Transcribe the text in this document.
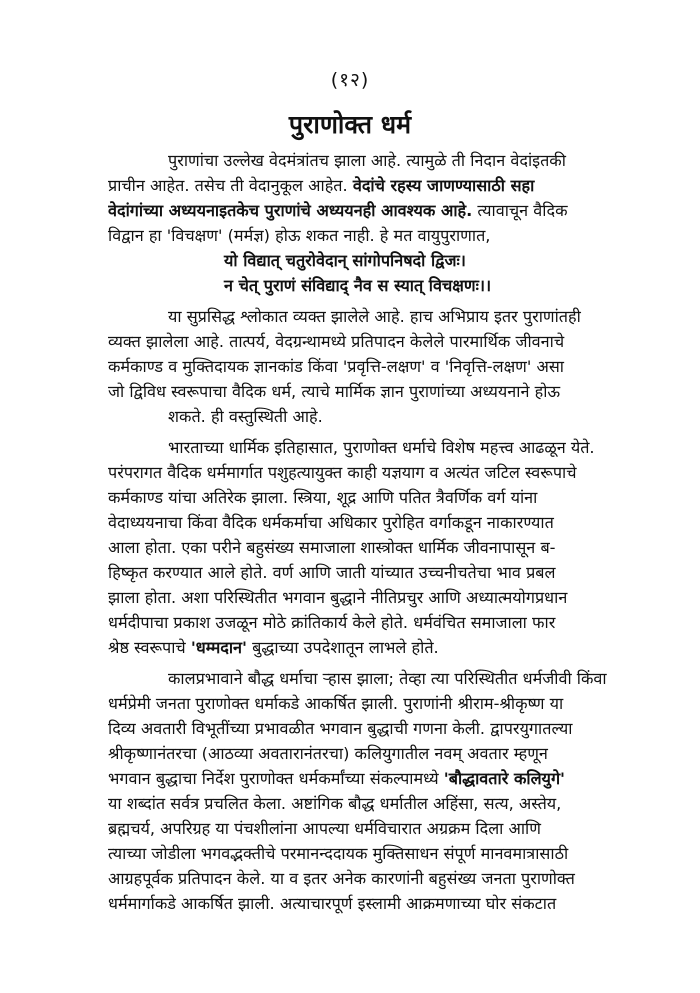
(१२)
पुराणोक्त धर्म
पुराणांचा उल्लेख वेदमंत्रांतच झाला आहे. त्यामुळे ती निदान वेदांइतकी
प्राचीन आहेत. तसेच ती वेदानुकूल आहेत. वेदांचे रहस्य जाणण्यासाठी सहा
वेदांगांच्या अध्ययनाइतकेच पुराणांचे अध्ययनही आवश्यक आहे. त्यावाचून वैदिक
विद्वान हा 'विचक्षण' (मर्मज्ञ) होऊ शकत नाही. हे मत वायुपुराणात,
यो विद्यात् चतुरोवेदान् सांगोपनिषदो द्विजः।
न चेत् पुराणं संविद्याद् नैव स स्यात् विचक्षणः।।
या सुप्रसिद्ध श्लोकात व्यक्त झालेले आहे. हाच अभिप्राय इतर पुराणांतही
व्यक्त झालेला आहे. तात्पर्य, वेदग्रन्थामध्ये प्रतिपादन केलेले पारमार्थिक जीवनाचे
कर्मकाण्ड व मुक्तिदायक ज्ञानकांड किंवा 'प्रवृत्ति-लक्षण' व 'निवृत्ति-लक्षण' असा
जो द्विविध स्वरूपाचा वैदिक धर्म, त्याचे मार्मिक ज्ञान पुराणांच्या अध्ययनाने होऊ
शकते. ही वस्तुस्थिती आहे.
भारताच्या धार्मिक इतिहासात, पुराणोक्त धर्माचे विशेष महत्त्व आढळून येते.
परंपरागत वैदिक धर्ममार्गात पशुहत्यायुक्त काही यज्ञयाग व अत्यंत जटिल स्वरूपाचे
कर्मकाण्ड यांचा अतिरेक झाला. स्त्रिया, शूद्र आणि पतित त्रैवर्णिक वर्ग यांना
वेदाध्ययनाचा किंवा वैदिक धर्मकर्माचा अधिकार पुरोहित वर्गाकडून नाकारण्यात
आला होता. एका परीने बहुसंख्य समाजाला शास्त्रोक्त धार्मिक जीवनापासून ब-
हिष्कृत करण्यात आले होते. वर्ण आणि जाती यांच्यात उच्चनीचतेचा भाव प्रबल
झाला होता. अशा परिस्थितीत भगवान बुद्धाने नीतिप्रचुर आणि अध्यात्मयोगप्रधान
धर्मदीपाचा प्रकाश उजळून मोठे क्रांतिकार्य केले होते. धर्मवंचित समाजाला फार
श्रेष्ठ स्वरूपाचे 'धम्मदान' बुद्धाच्या उपदेशातून लाभले होते.
कालप्रभावाने बौद्ध धर्माचा ऱ्हास झाला; तेव्हा त्या परिस्थितीत धर्मजीवी किंवा
धर्मप्रेमी जनता पुराणोक्त धर्माकडे आकर्षित झाली. पुराणांनी श्रीराम-श्रीकृष्ण या
दिव्य अवतारी विभूतींच्या प्रभावळीत भगवान बुद्धाची गणना केली. द्वापरयुगातल्या
श्रीकृष्णानंतरचा (आठव्या अवतारानंतरचा) कलियुगातील नवम् अवतार म्हणून
भगवान बुद्धाचा निर्देश पुराणोक्त धर्मकर्मांच्या संकल्पामध्ये 'बौद्धावतारे कलियुगे'
या शब्दांत सर्वत्र प्रचलित केला. अष्टांगिक बौद्ध धर्मातील अहिंसा, सत्य, अस्तेय,
ब्रह्मचर्य, अपरिग्रह या पंचशीलांना आपल्या धर्मविचारात अग्रक्रम दिला आणि
त्याच्या जोडीला भगवद्भक्तीचे परमानन्ददायक मुक्तिसाधन संपूर्ण मानवमात्रासाठी
आग्रहपूर्वक प्रतिपादन केले. या व इतर अनेक कारणांनी बहुसंख्य जनता पुराणोक्त
धर्ममार्गाकडे आकर्षित झाली. अत्याचारपूर्ण इस्लामी आक्रमणाच्या घोर संकटात
